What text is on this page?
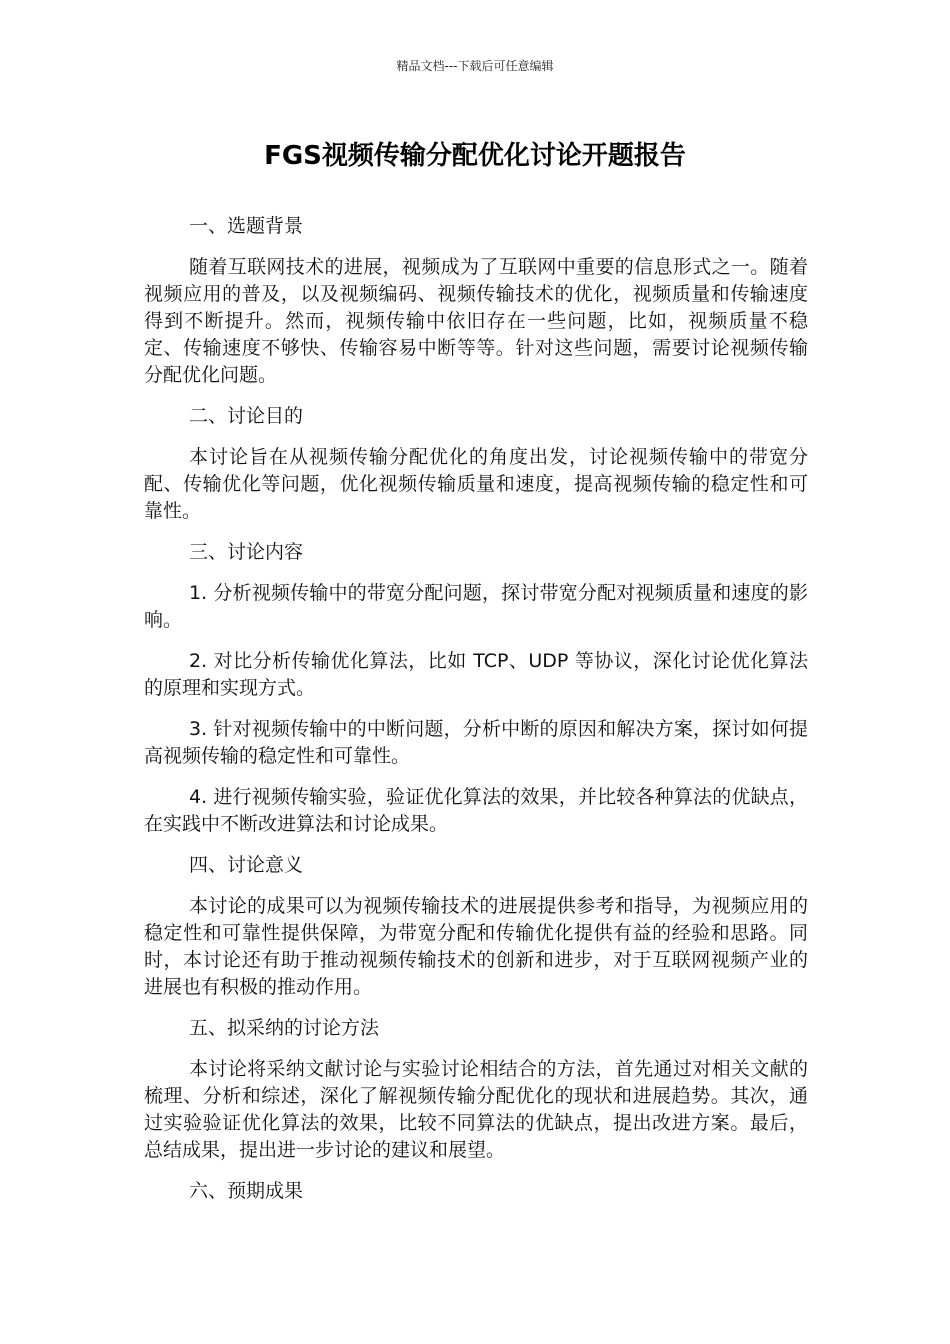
精品文档---下载后可任意编辑
FGS视频传输分配优化讨论开题报告

一、选题背景

随着互联网技术的进展，视频成为了互联网中重要的信息形式之一。随着视频应用的普及，以及视频编码、视频传输技术的优化，视频质量和传输速度得到不断提升。然而，视频传输中依旧存在一些问题，比如，视频质量不稳定、传输速度不够快、传输容易中断等等。针对这些问题，需要讨论视频传输分配优化问题。

二、讨论目的

本讨论旨在从视频传输分配优化的角度出发，讨论视频传输中的带宽分配、传输优化等问题，优化视频传输质量和速度，提高视频传输的稳定性和可靠性。

三、讨论内容

1. 分析视频传输中的带宽分配问题，探讨带宽分配对视频质量和速度的影响。

2. 对比分析传输优化算法，比如 TCP、UDP 等协议，深化讨论优化算法的原理和实现方式。

3. 针对视频传输中的中断问题，分析中断的原因和解决方案，探讨如何提高视频传输的稳定性和可靠性。

4. 进行视频传输实验，验证优化算法的效果，并比较各种算法的优缺点，在实践中不断改进算法和讨论成果。

四、讨论意义

本讨论的成果可以为视频传输技术的进展提供参考和指导，为视频应用的稳定性和可靠性提供保障，为带宽分配和传输优化提供有益的经验和思路。同时，本讨论还有助于推动视频传输技术的创新和进步，对于互联网视频产业的进展也有积极的推动作用。

五、拟采纳的讨论方法

本讨论将采纳文献讨论与实验讨论相结合的方法，首先通过对相关文献的梳理、分析和综述，深化了解视频传输分配优化的现状和进展趋势。其次，通过实验验证优化算法的效果，比较不同算法的优缺点，提出改进方案。最后，总结成果，提出进一步讨论的建议和展望。

六、预期成果
